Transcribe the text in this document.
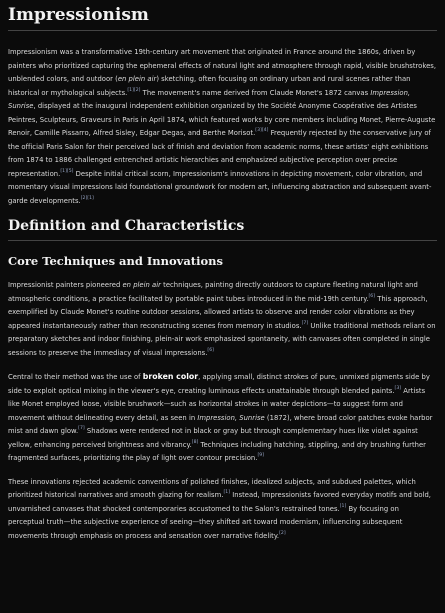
Impressionism

Impressionism was a transformative 19th-century art movement that originated in France around the 1860s, driven by painters who prioritized capturing the ephemeral effects of natural light and atmosphere through rapid, visible brushstrokes, unblended colors, and outdoor (en plein air) sketching, often focusing on ordinary urban and rural scenes rather than historical or mythological subjects.[1][2] The movement's name derived from Claude Monet's 1872 canvas Impression, Sunrise, displayed at the inaugural independent exhibition organized by the Société Anonyme Coopérative des Artistes Peintres, Sculpteurs, Graveurs in Paris in April 1874, which featured works by core members including Monet, Pierre-Auguste Renoir, Camille Pissarro, Alfred Sisley, Edgar Degas, and Berthe Morisot.[3][4] Frequently rejected by the conservative jury of the official Paris Salon for their perceived lack of finish and deviation from academic norms, these artists' eight exhibitions from 1874 to 1886 challenged entrenched artistic hierarchies and emphasized subjective perception over precise representation.[1][5] Despite initial critical scorn, Impressionism's innovations in depicting movement, color vibration, and momentary visual impressions laid foundational groundwork for modern art, influencing abstraction and subsequent avant-garde developments.[2][1]

Definition and Characteristics
Core Techniques and Innovations

Impressionist painters pioneered en plein air techniques, painting directly outdoors to capture fleeting natural light and atmospheric conditions, a practice facilitated by portable paint tubes introduced in the mid-19th century.[6] This approach, exemplified by Claude Monet's routine outdoor sessions, allowed artists to observe and render color vibrations as they appeared instantaneously rather than reconstructing scenes from memory in studios.[7] Unlike traditional methods reliant on preparatory sketches and indoor finishing, plein-air work emphasized spontaneity, with canvases often completed in single sessions to preserve the immediacy of visual impressions.[6]

Central to their method was the use of broken color, applying small, distinct strokes of pure, unmixed pigments side by side to exploit optical mixing in the viewer's eye, creating luminous effects unattainable through blended paints.[3] Artists like Monet employed loose, visible brushwork—such as horizontal strokes in water depictions—to suggest form and movement without delineating every detail, as seen in Impression, Sunrise (1872), where broad color patches evoke harbor mist and dawn glow.[7] Shadows were rendered not in black or gray but through complementary hues like violet against yellow, enhancing perceived brightness and vibrancy.[8] Techniques including hatching, stippling, and dry brushing further fragmented surfaces, prioritizing the play of light over contour precision.[9]

These innovations rejected academic conventions of polished finishes, idealized subjects, and subdued palettes, which prioritized historical narratives and smooth glazing for realism.[1] Instead, Impressionists favored everyday motifs and bold, unvarnished canvases that shocked contemporaries accustomed to the Salon's restrained tones.[1] By focusing on perceptual truth—the subjective experience of seeing—they shifted art toward modernism, influencing subsequent movements through emphasis on process and sensation over narrative fidelity.[2]
